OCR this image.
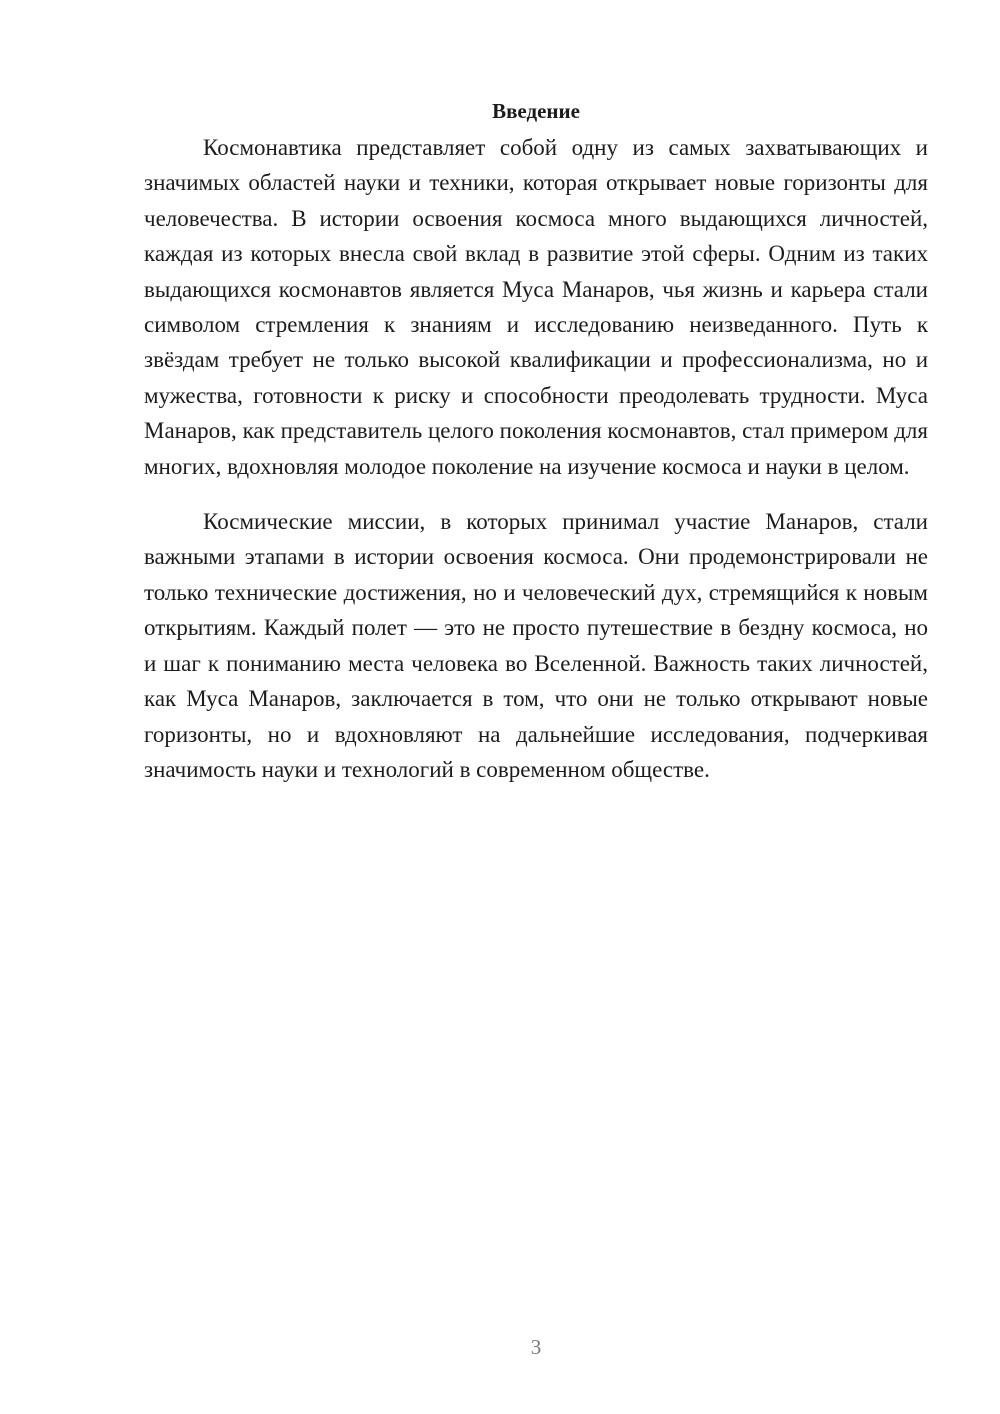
Введение

Космонавтика представляет собой одну из самых захватывающих и значимых областей науки и техники, которая открывает новые горизонты для человечества. В истории освоения космоса много выдающихся личностей, каждая из которых внесла свой вклад в развитие этой сферы. Одним из таких выдающихся космонавтов является Муса Манаров, чья жизнь и карьера стали символом стремления к знаниям и исследованию неизведанного. Путь к звёздам требует не только высокой квалификации и профессионализма, но и мужества, готовности к риску и способности преодолевать трудности. Муса Манаров, как представитель целого поколения космонавтов, стал примером для многих, вдохновляя молодое поколение на изучение космоса и науки в целом.

Космические миссии, в которых принимал участие Манаров, стали важными этапами в истории освоения космоса. Они продемонстрировали не только технические достижения, но и человеческий дух, стремящийся к новым открытиям. Каждый полет — это не просто путешествие в бездну космоса, но и шаг к пониманию места человека во Вселенной. Важность таких личностей, как Муса Манаров, заключается в том, что они не только открывают новые горизонты, но и вдохновляют на дальнейшие исследования, подчеркивая значимость науки и технологий в современном обществе.

3
